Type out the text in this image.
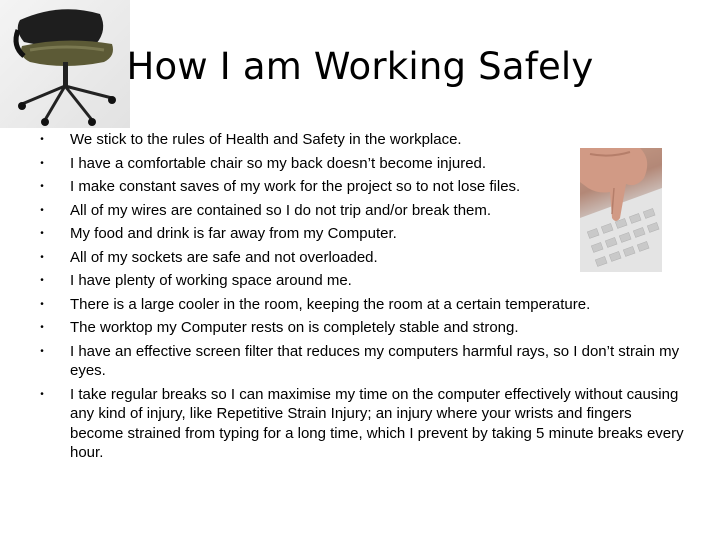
How I am Working Safely
• We stick to the rules of Health and Safety in the workplace.
• I have a comfortable chair so my back doesn’t become injured.
• I make constant saves of my work for the project so to not lose files.
• All of my wires are contained so I do not trip and/or break them.
• My food and drink is far away from my Computer.
• All of my sockets are safe and not overloaded.
• I have plenty of working space around me.
• There is a large cooler in the room, keeping the room at a certain temperature.
• The worktop my Computer rests on is completely stable and strong.
• I have an effective screen filter that reduces my computers harmful rays, so I don’t strain my eyes.
• I take regular breaks so I can maximise my time on the computer effectively without causing any kind of injury, like Repetitive Strain Injury; an injury where your wrists and fingers become strained from typing for a long time, which I prevent by taking 5 minute breaks every hour.
